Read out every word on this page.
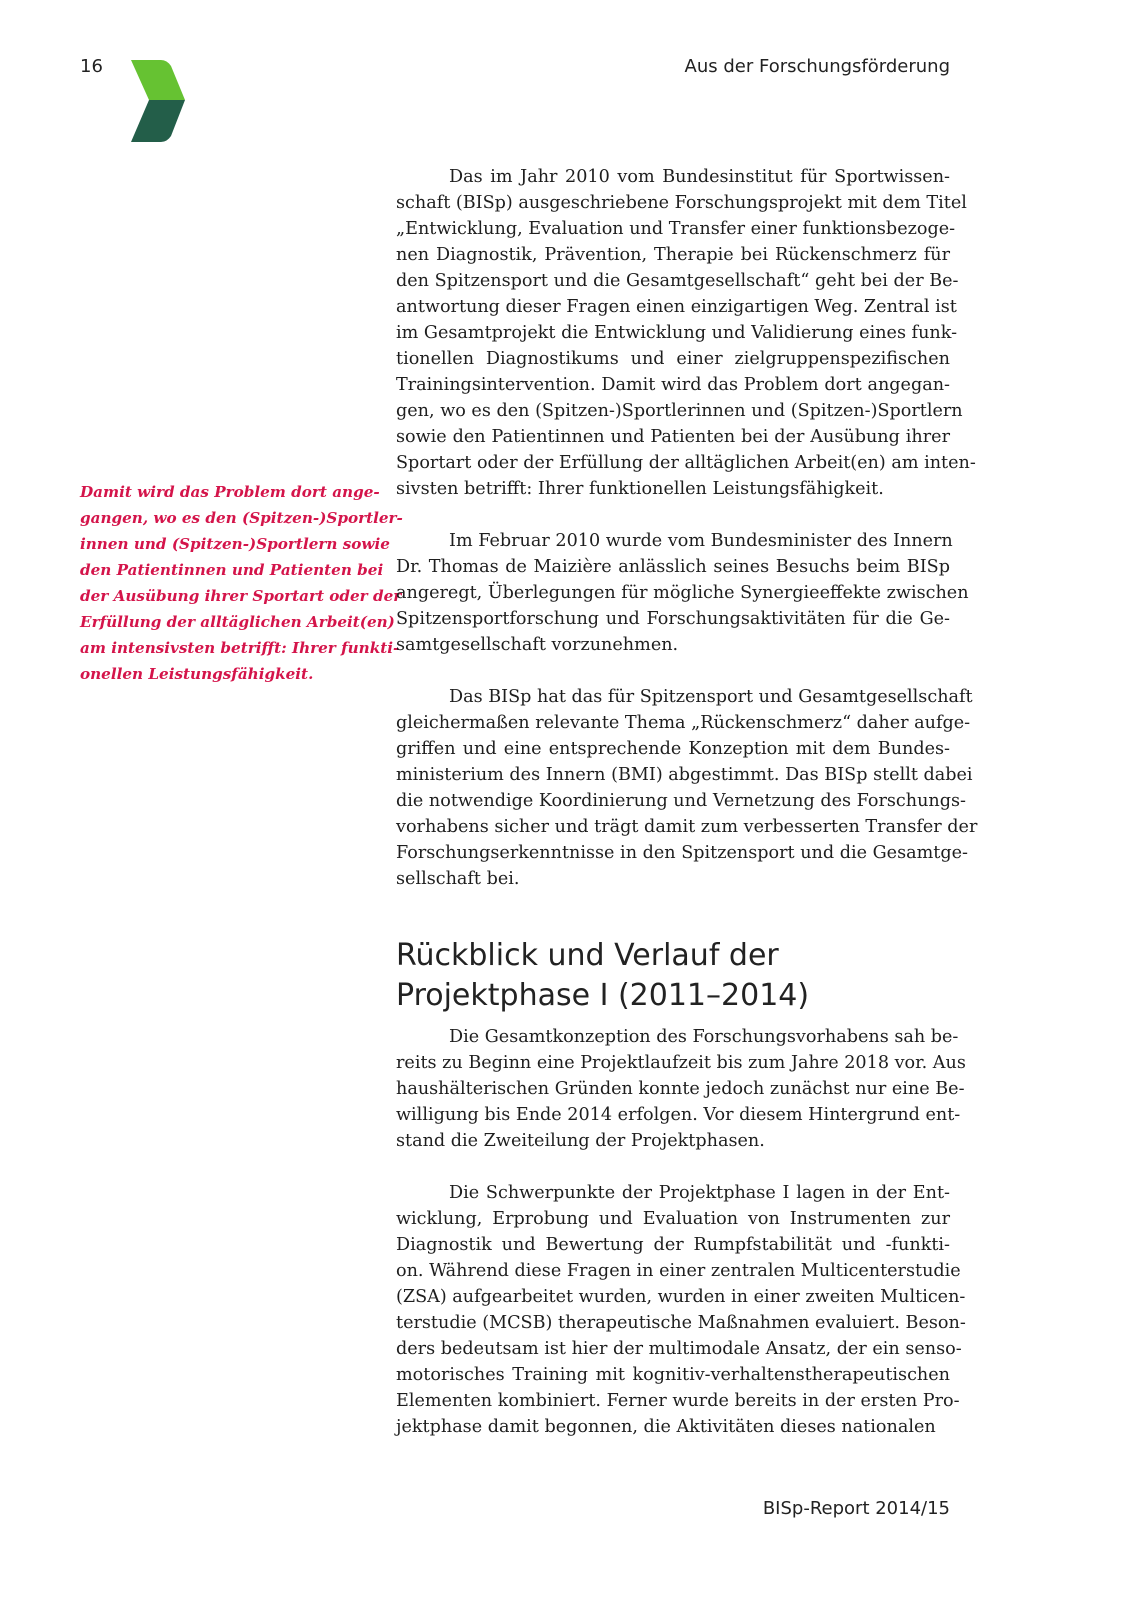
16	Aus der Forschungsförderung
Damit wird das Problem dort ange-
gangen, wo es den (Spitzen-)Sportler-
innen und (Spitzen-)Sportlern sowie
den Patientinnen und Patienten bei
der Ausübung ihrer Sportart oder der
Erfüllung der alltäglichen Arbeit(en)
am intensivsten betrifft: Ihrer funkti-
onellen Leistungsfähigkeit.
Das im Jahr 2010 vom Bundesinstitut für Sportwissen-
schaft (BISp) ausgeschriebene Forschungsprojekt mit dem Titel
„Entwicklung, Evaluation und Transfer einer funktionsbezoge-
nen Diagnostik, Prävention, Therapie bei Rückenschmerz für
den Spitzensport und die Gesamtgesellschaft“ geht bei der Be-
antwortung dieser Fragen einen einzigartigen Weg. Zentral ist
im Gesamtprojekt die Entwicklung und Validierung eines funk-
tionellen Diagnostikums und einer zielgruppenspezifischen
Trainingsintervention. Damit wird das Problem dort angegan-
gen, wo es den (Spitzen-)Sportlerinnen und (Spitzen-)Sportlern
sowie den Patientinnen und Patienten bei der Ausübung ihrer
Sportart oder der Erfüllung der alltäglichen Arbeit(en) am inten-
sivsten betrifft: Ihrer funktionellen Leistungsfähigkeit.
Im Februar 2010 wurde vom Bundesminister des Innern
Dr. Thomas de Maizière anlässlich seines Besuchs beim BISp
angeregt, Überlegungen für mögliche Synergieeffekte zwischen
Spitzensportforschung und Forschungsaktivitäten für die Ge-
samtgesellschaft vorzunehmen.
Das BISp hat das für Spitzensport und Gesamtgesellschaft
gleichermaßen relevante Thema „Rückenschmerz“ daher aufge-
griffen und eine entsprechende Konzeption mit dem Bundes-
ministerium des Innern (BMI) abgestimmt. Das BISp stellt dabei
die notwendige Koordinierung und Vernetzung des Forschungs-
vorhabens sicher und trägt damit zum verbesserten Transfer der
Forschungserkenntnisse in den Spitzensport und die Gesamtge-
sellschaft bei.
Rückblick und Verlauf der
Projektphase I (2011–2014)
Die Gesamtkonzeption des Forschungsvorhabens sah be-
reits zu Beginn eine Projektlaufzeit bis zum Jahre 2018 vor. Aus
haushälterischen Gründen konnte jedoch zunächst nur eine Be-
willigung bis Ende 2014 erfolgen. Vor diesem Hintergrund ent-
stand die Zweiteilung der Projektphasen.
Die Schwerpunkte der Projektphase I lagen in der Ent-
wicklung, Erprobung und Evaluation von Instrumenten zur
Diagnostik und Bewertung der Rumpfstabilität und -funkti-
on. Während diese Fragen in einer zentralen Multicenterstudie
(ZSA) aufgearbeitet wurden, wurden in einer zweiten Multicen-
terstudie (MCSB) therapeutische Maßnahmen evaluiert. Beson-
ders bedeutsam ist hier der multimodale Ansatz, der ein senso-
motorisches Training mit kognitiv-verhaltenstherapeutischen
Elementen kombiniert. Ferner wurde bereits in der ersten Pro-
jektphase damit begonnen, die Aktivitäten dieses nationalen
BISp-Report 2014/15
